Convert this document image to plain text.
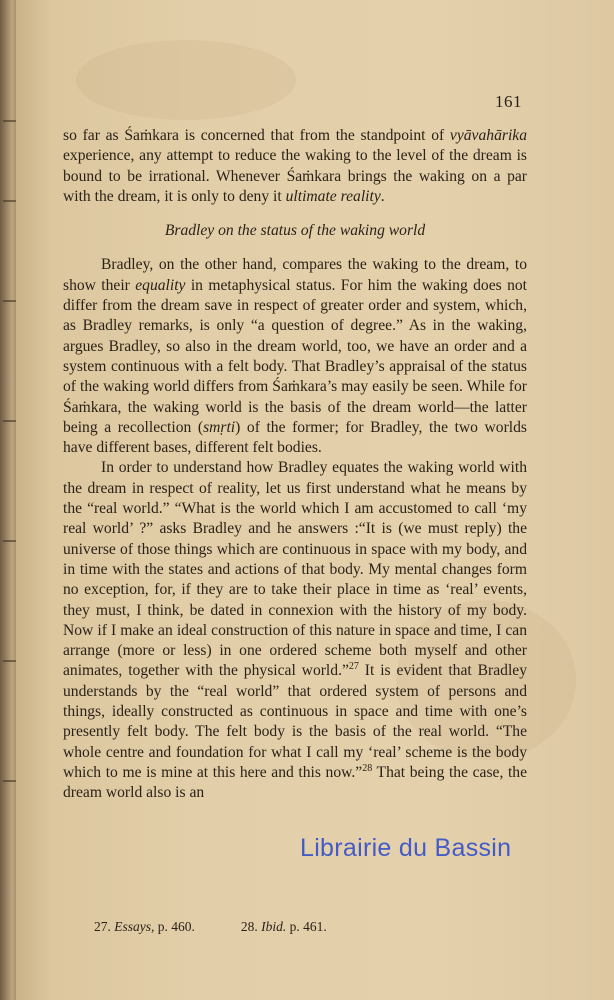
161

so far as Śaṁkara is concerned that from the standpoint of vyāvahārika experience, any attempt to reduce the waking to the level of the dream is bound to be irrational. Whenever Śaṁkara brings the waking on a par with the dream, it is only to deny it ultimate reality.

Bradley on the status of the waking world

Bradley, on the other hand, compares the waking to the dream, to show their equality in metaphysical status. For him the waking does not differ from the dream save in respect of greater order and system, which, as Bradley remarks, is only “a question of degree.” As in the waking, argues Bradley, so also in the dream world, too, we have an order and a system continuous with a felt body. That Bradley’s appraisal of the status of the waking world differs from Śaṁkara’s may easily be seen. While for Śaṁkara, the waking world is the basis of the dream world—the latter being a recollection (smṛti) of the former; for Bradley, the two worlds have different bases, different felt bodies.

In order to understand how Bradley equates the waking world with the dream in respect of reality, let us first understand what he means by the “real world.” “What is the world which I am accustomed to call ‘my real world’ ?” asks Bradley and he answers :“It is (we must reply) the universe of those things which are continuous in space with my body, and in time with the states and actions of that body. My mental changes form no exception, for, if they are to take their place in time as ‘real’ events, they must, I think, be dated in connexion with the history of my body. Now if I make an ideal construction of this nature in space and time, I can arrange (more or less) in one ordered scheme both myself and other animates, together with the physical world.”$^{27}$ It is evident that Bradley understands by the “real world” that ordered system of persons and things, ideally constructed as continuous in space and time with one’s presently felt body. The felt body is the basis of the real world. “The whole centre and foundation for what I call my ‘real’ scheme is the body which to me is mine at this here and this now.”$^{28}$ That being the case, the dream world also is an

27. Essays, p. 460.	28. Ibid. p. 461.
Librairie du Bassin
